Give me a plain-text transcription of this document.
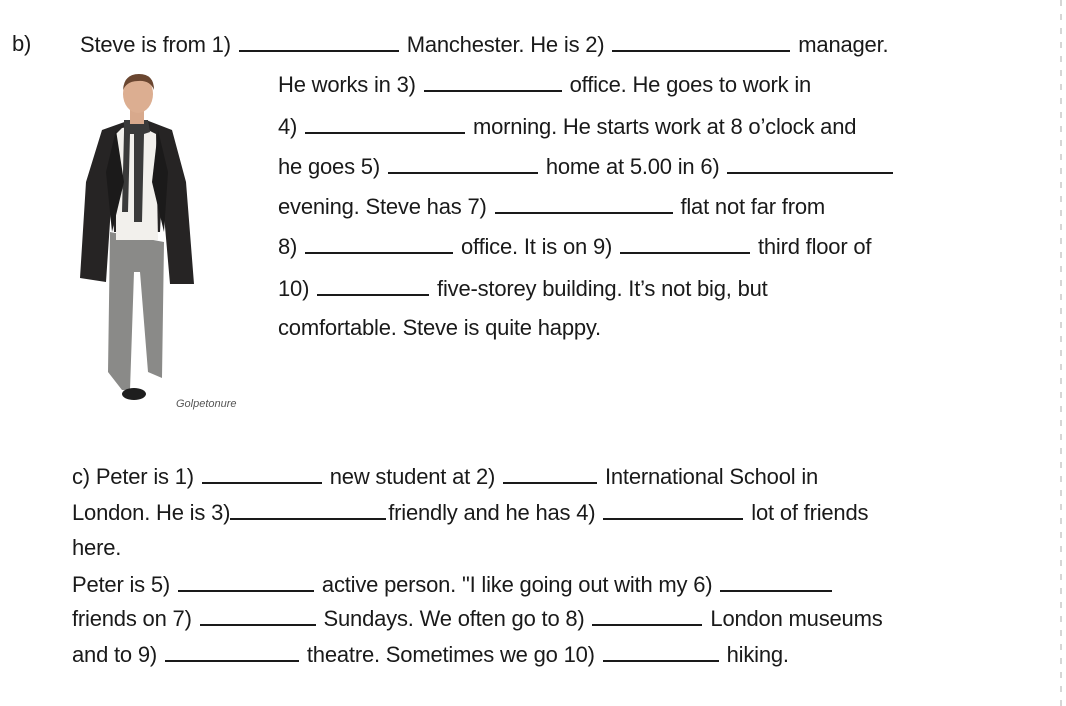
b) Steve is from 1)	Manchester. He is 2)	manager.
He works in 3)	office. He goes to work in
4)	morning. He starts work at 8 o’clock and
he goes 5)	home at 5.00 in 6)
evening. Steve has 7)	flat not far from
8)	office. It is on 9)	third floor of
10)	five-storey building. It’s not big, but
comfortable. Steve is quite happy.
Golpetonure
c) Peter is 1)	new student at 2)	International School in
London. He is 3)	friendly and he has 4)	lot of friends
here.
Peter is 5)	active person. "I like going out with my 6)
friends on 7)	Sundays. We often go to 8)	London museums
and to 9)	theatre. Sometimes we go 10)	hiking.
